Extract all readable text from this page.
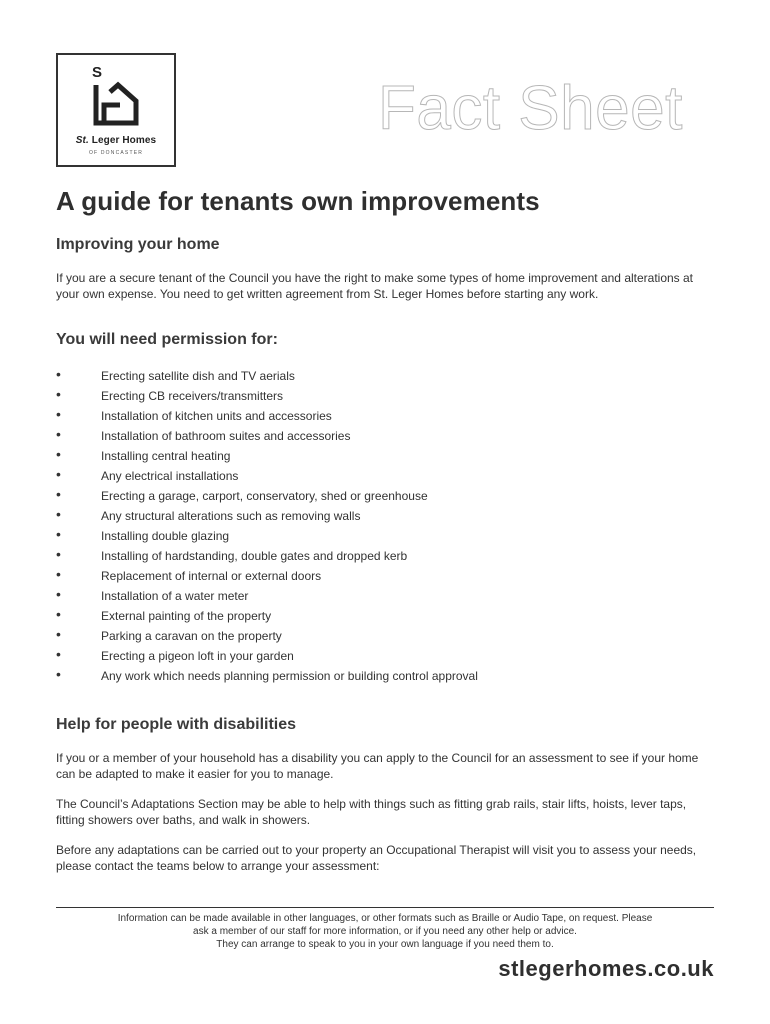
S
St. Leger Homes
OF DONCASTER
Fact Sheet
A guide for tenants own improvements
Improving your home

If you are a secure tenant of the Council you have the right to make some types of home improvement and alterations at your own expense. You need to get written agreement from St. Leger Homes before starting any work.

You will need permission for:
•	Erecting satellite dish and TV aerials
•	Erecting CB receivers/transmitters
•	Installation of kitchen units and accessories
•	Installation of bathroom suites and accessories
•	Installing central heating
•	Any electrical installations
•	Erecting a garage, carport, conservatory, shed or greenhouse
•	Any structural alterations such as removing walls
•	Installing double glazing
•	Installing of hardstanding, double gates and dropped kerb
•	Replacement of internal or external doors
•	Installation of a water meter
•	External painting of the property
•	Parking a caravan on the property
•	Erecting a pigeon loft in your garden
•	Any work which needs planning permission or building control approval
Help for people with disabilities

If you or a member of your household has a disability you can apply to the Council for an assessment to see if your home can be adapted to make it easier for you to manage.

The Council’s Adaptations Section may be able to help with things such as fitting grab rails, stair lifts, hoists, lever taps, fitting showers over baths, and walk in showers.

Before any adaptations can be carried out to your property an Occupational Therapist will visit you to assess your needs, please contact the teams below to arrange your assessment:

Information can be made available in other languages, or other formats such as Braille or Audio Tape, on request. Please
ask a member of our staff for more information, or if you need any other help or advice.
They can arrange to speak to you in your own language if you need them to.

stlegerhomes.co.uk
